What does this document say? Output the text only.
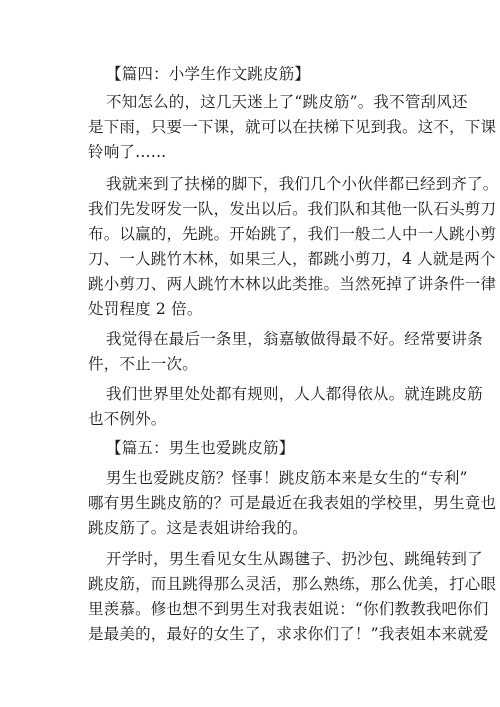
【篇四：小学生作文跳皮筋】
不知怎么的，这几天迷上了“跳皮筋”。我不管刮风还
是下雨，只要一下课，就可以在扶梯下见到我。这不，下课
铃响了……
我就来到了扶梯的脚下，我们几个小伙伴都已经到齐了。
我们先发呀发一队，发出以后。我们队和其他一队石头剪刀
布。以赢的，先跳。开始跳了，我们一般二人中一人跳小剪
刀、一人跳竹木林，如果三人，都跳小剪刀，4 人就是两个
跳小剪刀、两人跳竹木林以此类推。当然死掉了讲条件一律
处罚程度 2 倍。
我觉得在最后一条里，翁嘉敏做得最不好。经常要讲条
件，不止一次。
我们世界里处处都有规则，人人都得依从。就连跳皮筋
也不例外。
【篇五：男生也爱跳皮筋】
男生也爱跳皮筋？怪事！跳皮筋本来是女生的“专利”
哪有男生跳皮筋的？可是最近在我表姐的学校里，男生竟也
跳皮筋了。这是表姐讲给我的。
开学时，男生看见女生从踢毽子、扔沙包、跳绳转到了
跳皮筋，而且跳得那么灵活，那么熟练，那么优美，打心眼
里羡慕。修也想不到男生对我表姐说：“你们教教我吧你们
是最美的，最好的女生了，求求你们了！”我表姐本来就爱
